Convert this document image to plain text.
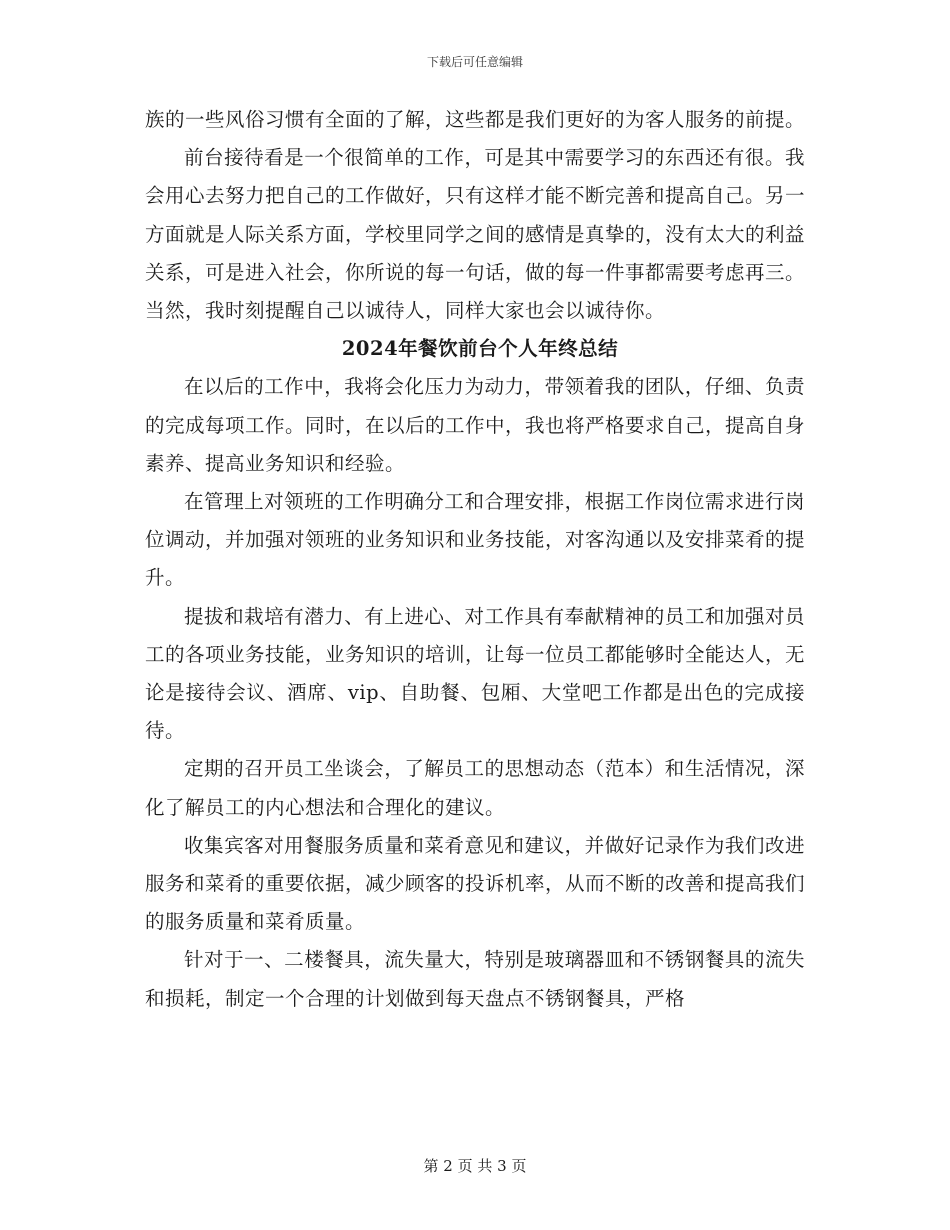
下载后可任意编辑

族的一些风俗习惯有全面的了解，这些都是我们更好的为客人服务的前提。

前台接待看是一个很简单的工作，可是其中需要学习的东西还有很。我会用心去努力把自己的工作做好，只有这样才能不断完善和提高自己。另一方面就是人际关系方面，学校里同学之间的感情是真挚的，没有太大的利益关系，可是进入社会，你所说的每一句话，做的每一件事都需要考虑再三。当然，我时刻提醒自己以诚待人，同样大家也会以诚待你。

2024年餐饮前台个人年终总结

在以后的工作中，我将会化压力为动力，带领着我的团队，仔细、负责的完成每项工作。同时，在以后的工作中，我也将严格要求自己，提高自身素养、提高业务知识和经验。

在管理上对领班的工作明确分工和合理安排，根据工作岗位需求进行岗位调动，并加强对领班的业务知识和业务技能，对客沟通以及安排菜肴的提升。

提拔和栽培有潜力、有上进心、对工作具有奉献精神的员工和加强对员工的各项业务技能，业务知识的培训，让每一位员工都能够时全能达人，无论是接待会议、酒席、vip、自助餐、包厢、大堂吧工作都是出色的完成接待。

定期的召开员工坐谈会，了解员工的思想动态（范本）和生活情况，深化了解员工的内心想法和合理化的建议。

收集宾客对用餐服务质量和菜肴意见和建议，并做好记录作为我们改进服务和菜肴的重要依据，减少顾客的投诉机率，从而不断的改善和提高我们的服务质量和菜肴质量。

针对于一、二楼餐具，流失量大，特别是玻璃器皿和不锈钢餐具的流失和损耗，制定一个合理的计划做到每天盘点不锈钢餐具，严格

第 2 页 共 3 页
